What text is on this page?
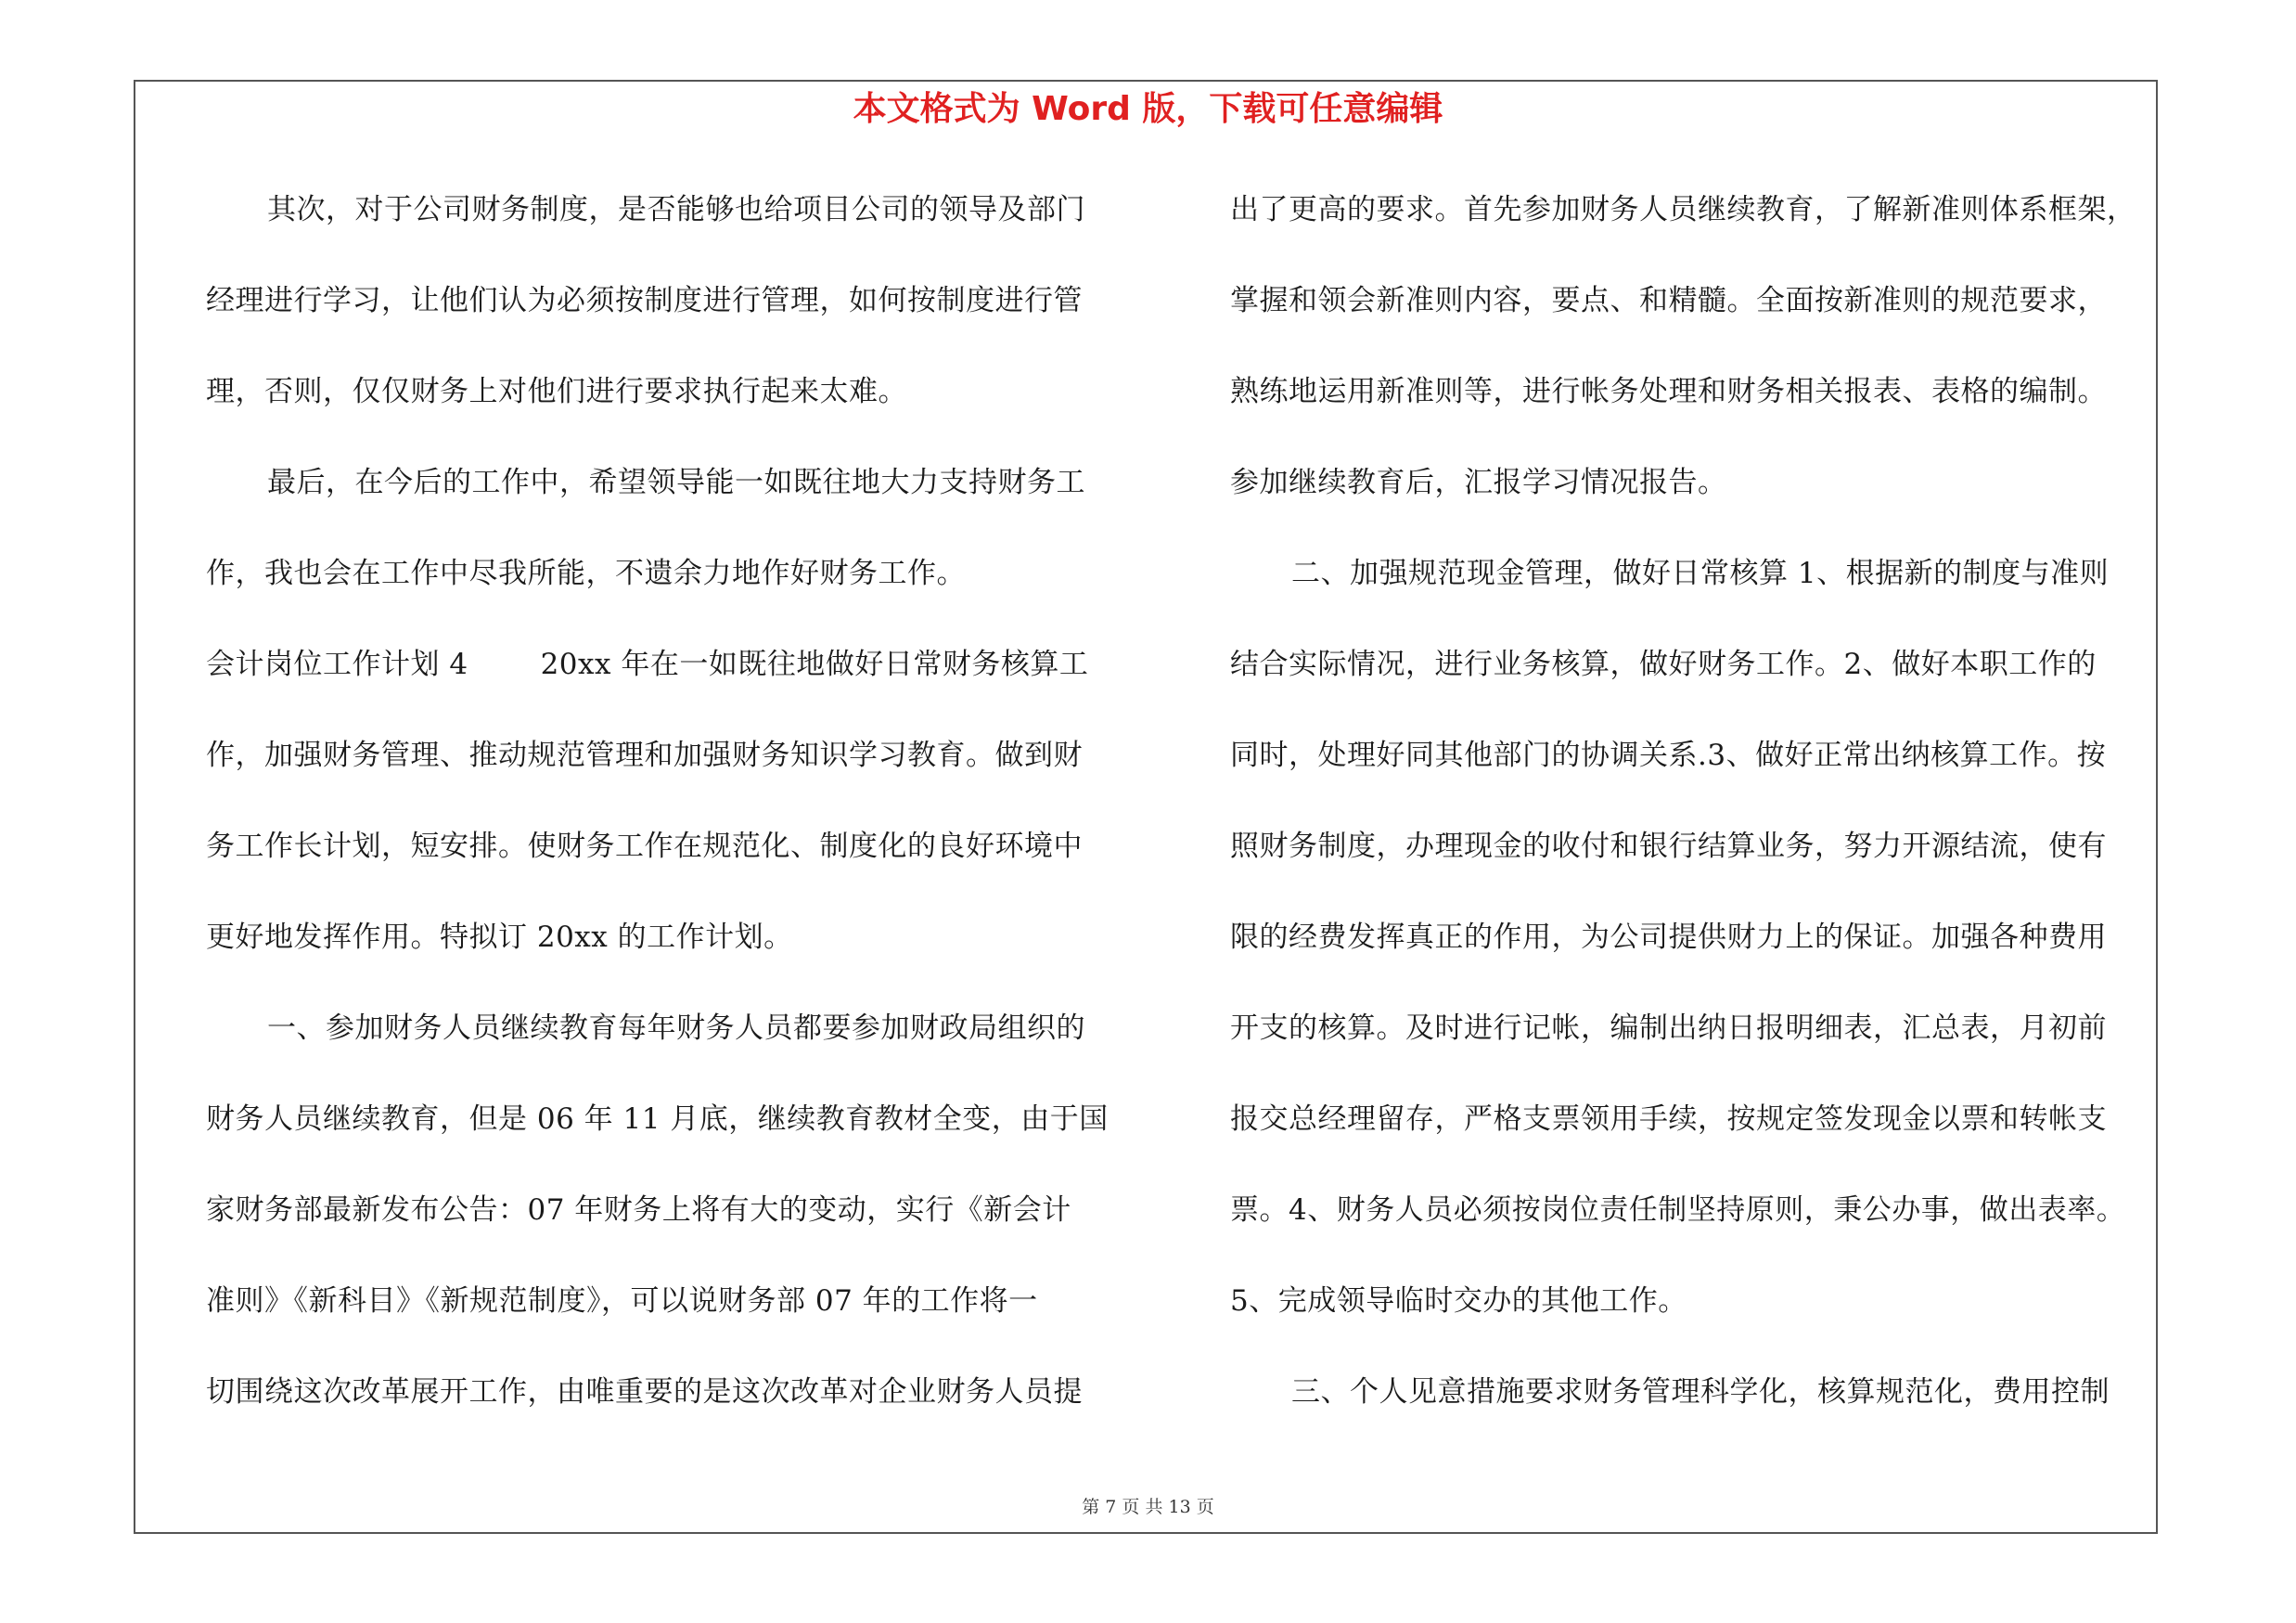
本文格式为 Word 版，下载可任意编辑
其次，对于公司财务制度，是否能够也给项目公司的领导及部门
经理进行学习，让他们认为必须按制度进行管理，如何按制度进行管
理，否则，仅仅财务上对他们进行要求执行起来太难。
最后，在今后的工作中，希望领导能一如既往地大力支持财务工
作，我也会在工作中尽我所能，不遗余力地作好财务工作。
会计岗位工作计划 4	20xx 年在一如既往地做好日常财务核算工
作，加强财务管理、推动规范管理和加强财务知识学习教育。做到财
务工作长计划，短安排。使财务工作在规范化、制度化的良好环境中
更好地发挥作用。特拟订 20xx 的工作计划。
一、参加财务人员继续教育每年财务人员都要参加财政局组织的
财务人员继续教育，但是 06 年 11 月底，继续教育教材全变，由于国
家财务部最新发布公告：07 年财务上将有大的变动，实行《新会计
准则》《新科目》《新规范制度》，可以说财务部 07 年的工作将一
切围绕这次改革展开工作，由唯重要的是这次改革对企业财务人员提
出了更高的要求。首先参加财务人员继续教育，了解新准则体系框架，
掌握和领会新准则内容，要点、和精髓。全面按新准则的规范要求，
熟练地运用新准则等，进行帐务处理和财务相关报表、表格的编制。
参加继续教育后，汇报学习情况报告。
二、加强规范现金管理，做好日常核算 1、根据新的制度与准则
结合实际情况，进行业务核算，做好财务工作。2、做好本职工作的
同时，处理好同其他部门的协调关系.3、做好正常出纳核算工作。按
照财务制度，办理现金的收付和银行结算业务，努力开源结流，使有
限的经费发挥真正的作用，为公司提供财力上的保证。加强各种费用
开支的核算。及时进行记帐，编制出纳日报明细表，汇总表，月初前
报交总经理留存，严格支票领用手续，按规定签发现金以票和转帐支
票。4、财务人员必须按岗位责任制坚持原则，秉公办事，做出表率。
5、完成领导临时交办的其他工作。
三、个人见意措施要求财务管理科学化，核算规范化，费用控制
第 7 页 共 13 页
